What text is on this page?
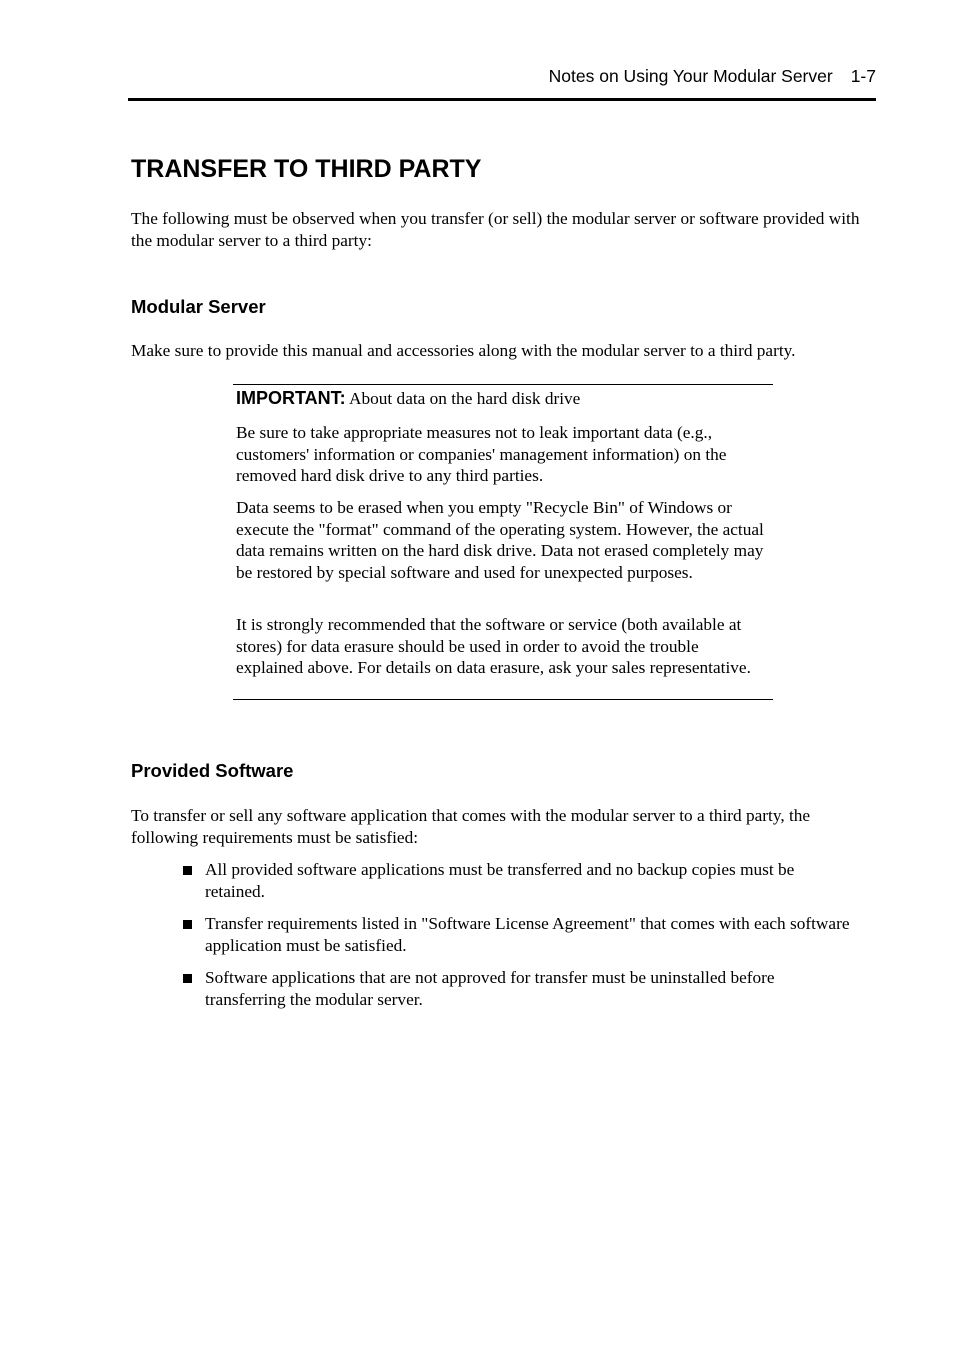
Notes on Using Your Modular Server 1-7
TRANSFER TO THIRD PARTY

The following must be observed when you transfer (or sell) the modular server or software provided with the modular server to a third party:

Modular Server

Make sure to provide this manual and accessories along with the modular server to a third party.

IMPORTANT: About data on the hard disk drive

Be sure to take appropriate measures not to leak important data (e.g., customers' information or companies' management information) on the removed hard disk drive to any third parties.

Data seems to be erased when you empty "Recycle Bin" of Windows or execute the "format" command of the operating system. However, the actual data remains written on the hard disk drive. Data not erased completely may be restored by special software and used for unexpected purposes.

It is strongly recommended that the software or service (both available at stores) for data erasure should be used in order to avoid the trouble explained above. For details on data erasure, ask your sales representative.

Provided Software

To transfer or sell any software application that comes with the modular server to a third party, the following requirements must be satisfied:

All provided software applications must be transferred and no backup copies must be retained.
Transfer requirements listed in "Software License Agreement" that comes with each software application must be satisfied.
Software applications that are not approved for transfer must be uninstalled before transferring the modular server.
